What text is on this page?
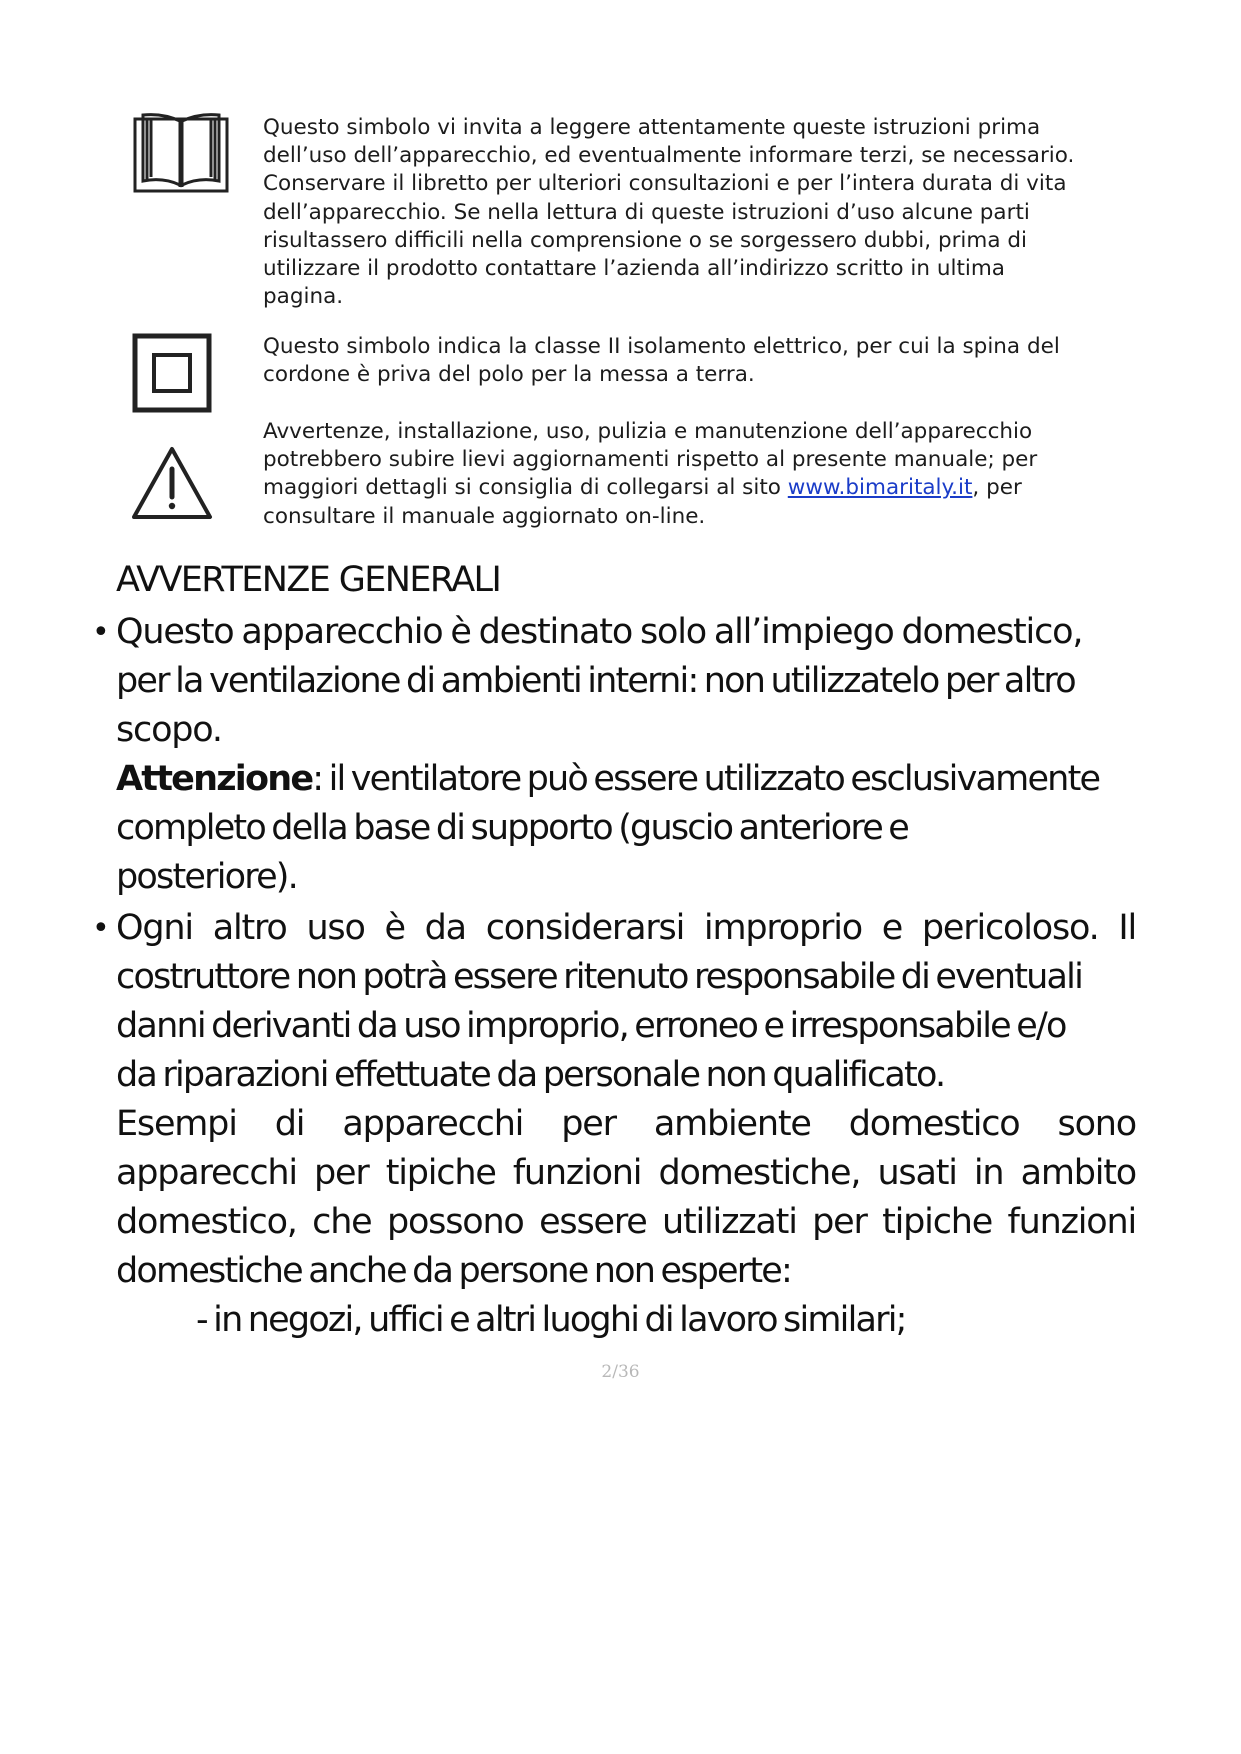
Questo simbolo vi invita a leggere attentamente queste istruzioni prima
dell’uso dell’apparecchio, ed eventualmente informare terzi, se necessario.
Conservare il libretto per ulteriori consultazioni e per l’intera durata di vita
dell’apparecchio. Se nella lettura di queste istruzioni d’uso alcune parti
risultassero difficili nella comprensione o se sorgessero dubbi, prima di
utilizzare il prodotto contattare l’azienda all’indirizzo scritto in ultima
pagina.
Questo simbolo indica la classe II isolamento elettrico, per cui la spina del
cordone è priva del polo per la messa a terra.
Avvertenze, installazione, uso, pulizia e manutenzione dell’apparecchio
potrebbero subire lievi aggiornamenti rispetto al presente manuale; per
maggiori dettagli si consiglia di collegarsi al sito www.bimaritaly.it, per
consultare il manuale aggiornato on-line.
AVVERTENZE GENERALI
• Questo apparecchio è destinato solo all’impiego domestico,
per la ventilazione di ambienti interni: non utilizzatelo per altro
scopo.

Attenzione: il ventilatore può essere utilizzato esclusivamente
completo della base di supporto (guscio anteriore e
posteriore).

• Ogni altro uso è da considerarsi improprio e pericoloso. Il
costruttore non potrà essere ritenuto responsabile di eventuali
danni derivanti da uso improprio, erroneo e irresponsabile e/o
da riparazioni effettuate da personale non qualificato.

Esempi di apparecchi per ambiente domestico sono
apparecchi per tipiche funzioni domestiche, usati in ambito
domestico, che possono essere utilizzati per tipiche funzioni
domestiche anche da persone non esperte:

- in negozi, uffici e altri luoghi di lavoro similari;

2/36
